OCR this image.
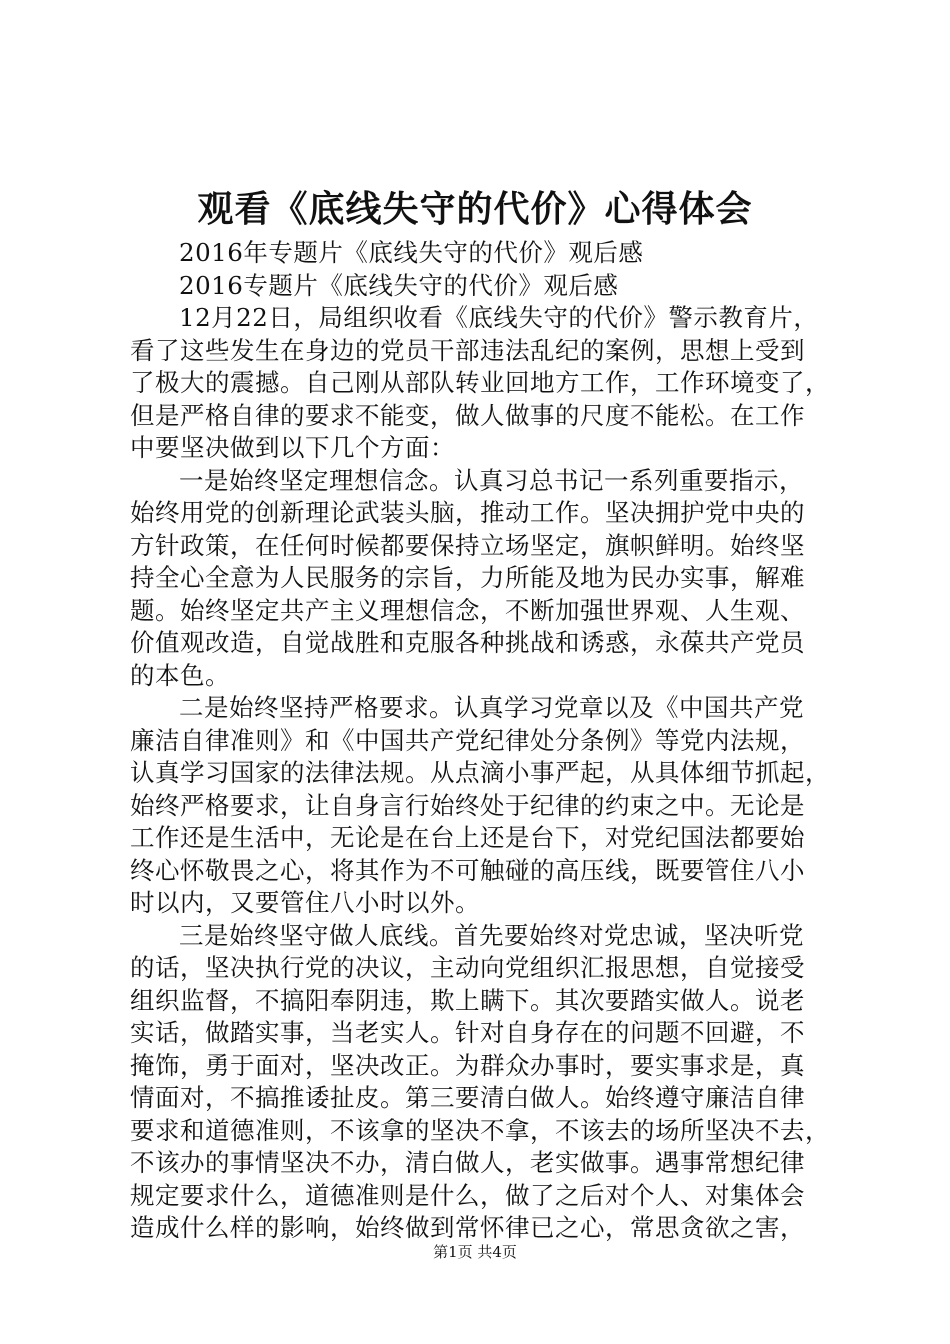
观看《底线失守的代价》心得体会
2016年专题片《底线失守的代价》观后感
2016专题片《底线失守的代价》观后感
12月22日，局组织收看《底线失守的代价》警示教育片，
看了这些发生在身边的党员干部违法乱纪的案例，思想上受到
了极大的震撼。自己刚从部队转业回地方工作，工作环境变了，
但是严格自律的要求不能变，做人做事的尺度不能松。在工作
中要坚决做到以下几个方面：
一是始终坚定理想信念。认真习总书记一系列重要指示，
始终用党的创新理论武装头脑，推动工作。坚决拥护党中央的
方针政策，在任何时候都要保持立场坚定，旗帜鲜明。始终坚
持全心全意为人民服务的宗旨，力所能及地为民办实事，解难
题。始终坚定共产主义理想信念，不断加强世界观、人生观、
价值观改造，自觉战胜和克服各种挑战和诱惑，永葆共产党员
的本色。
二是始终坚持严格要求。认真学习党章以及《中国共产党
廉洁自律准则》和《中国共产党纪律处分条例》等党内法规，
认真学习国家的法律法规。从点滴小事严起，从具体细节抓起，
始终严格要求，让自身言行始终处于纪律的约束之中。无论是
工作还是生活中，无论是在台上还是台下，对党纪国法都要始
终心怀敬畏之心，将其作为不可触碰的高压线，既要管住八小
时以内，又要管住八小时以外。
三是始终坚守做人底线。首先要始终对党忠诚，坚决听党
的话，坚决执行党的决议，主动向党组织汇报思想，自觉接受
组织监督，不搞阳奉阴违，欺上瞒下。其次要踏实做人。说老
实话，做踏实事，当老实人。针对自身存在的问题不回避，不
掩饰，勇于面对，坚决改正。为群众办事时，要实事求是，真
情面对，不搞推诿扯皮。第三要清白做人。始终遵守廉洁自律
要求和道德准则，不该拿的坚决不拿，不该去的场所坚决不去，
不该办的事情坚决不办，清白做人，老实做事。遇事常想纪律
规定要求什么，道德准则是什么，做了之后对个人、对集体会
造成什么样的影响，始终做到常怀律已之心，常思贪欲之害，
第1页 共4页
